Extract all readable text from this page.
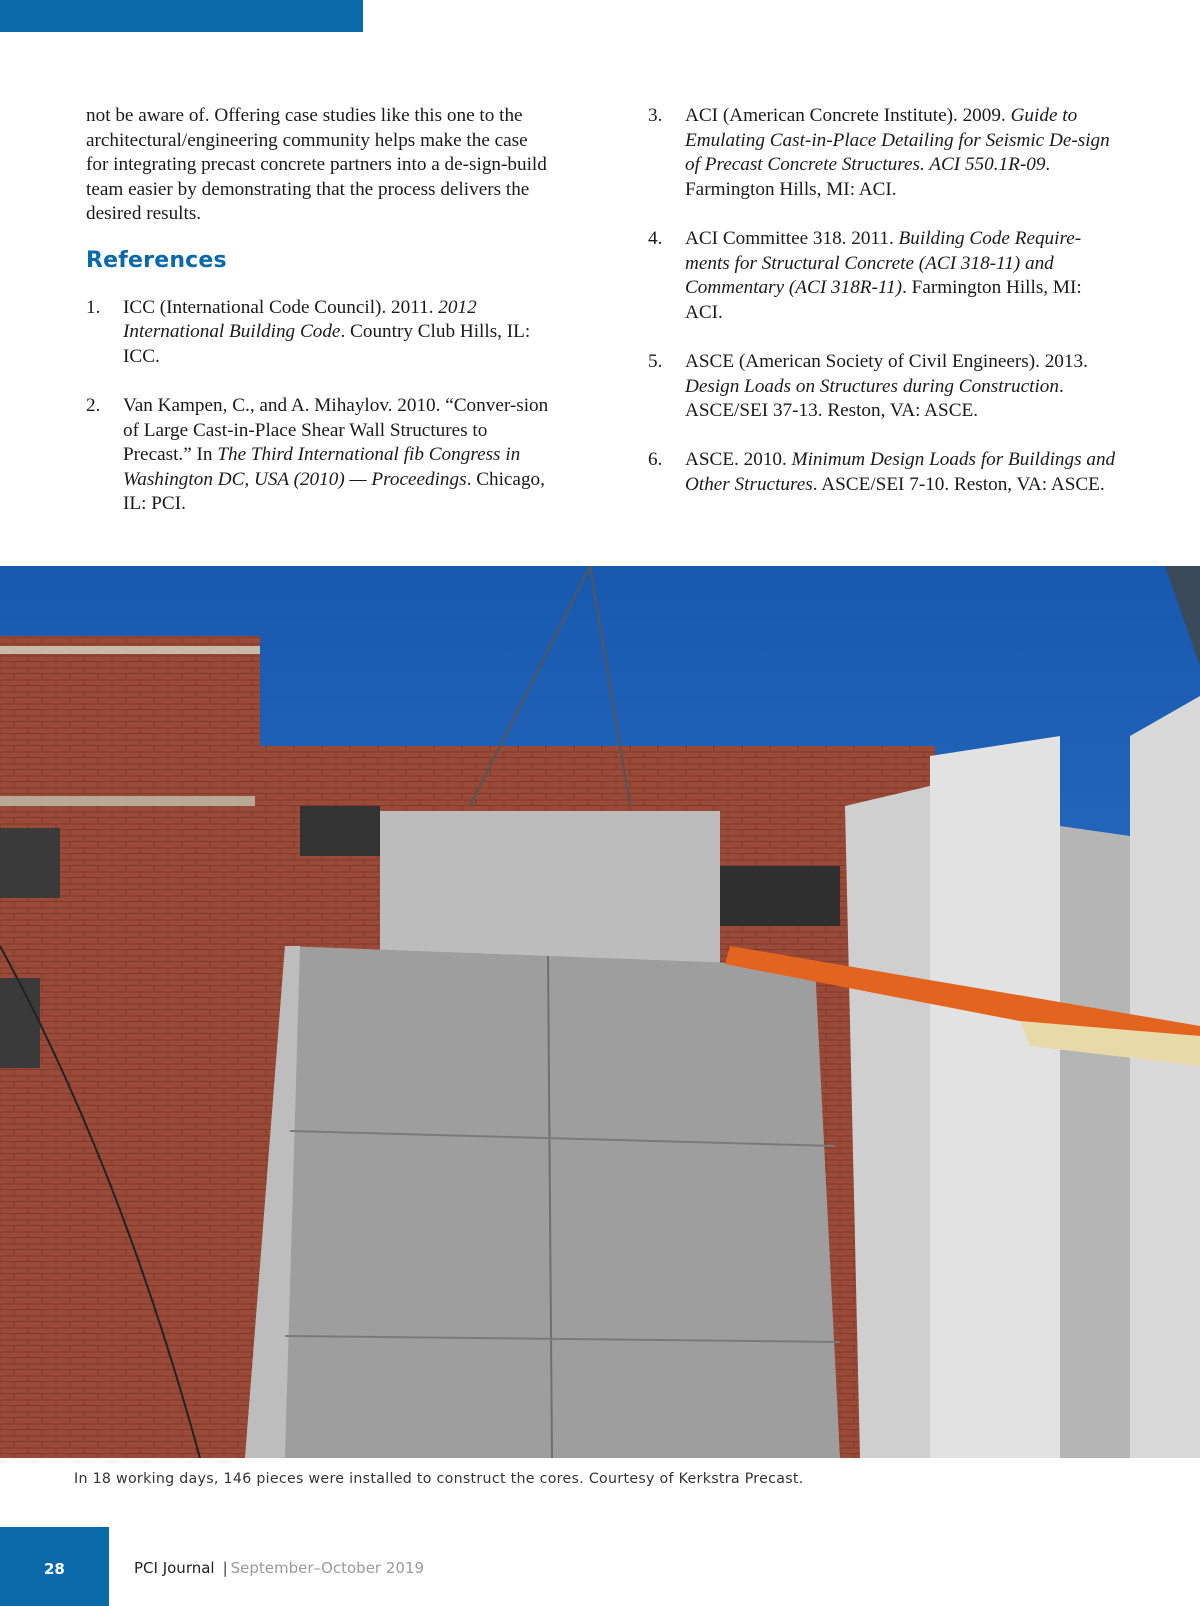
not be aware of. Offering case studies like this one to the architectural/engineering community helps make the case for integrating precast concrete partners into a de-sign-build team easier by demonstrating that the process delivers the desired results.

References
1. ICC (International Code Council). 2011. 2012 International Building Code. Country Club Hills, IL: ICC.
2. Van Kampen, C., and A. Mihaylov. 2010. “Conver-sion of Large Cast-in-Place Shear Wall Structures to Precast.” In The Third International fib Congress in Washington DC, USA (2010) — Proceedings. Chicago, IL: PCI.
3. ACI (American Concrete Institute). 2009. Guide to Emulating Cast-in-Place Detailing for Seismic De-sign of Precast Concrete Structures. ACI 550.1R-09. Farmington Hills, MI: ACI.
4. ACI Committee 318. 2011. Building Code Require-ments for Structural Concrete (ACI 318-11) and Commentary (ACI 318R-11). Farmington Hills, MI: ACI.
5. ASCE (American Society of Civil Engineers). 2013. Design Loads on Structures during Construction. ASCE/SEI 37-13. Reston, VA: ASCE.
6. ASCE. 2010. Minimum Design Loads for Buildings and Other Structures. ASCE/SEI 7-10. Reston, VA: ASCE.
In 18 working days, 146 pieces were installed to construct the cores. Courtesy of Kerkstra Precast.
28	PCI Journal | September–October 2019
